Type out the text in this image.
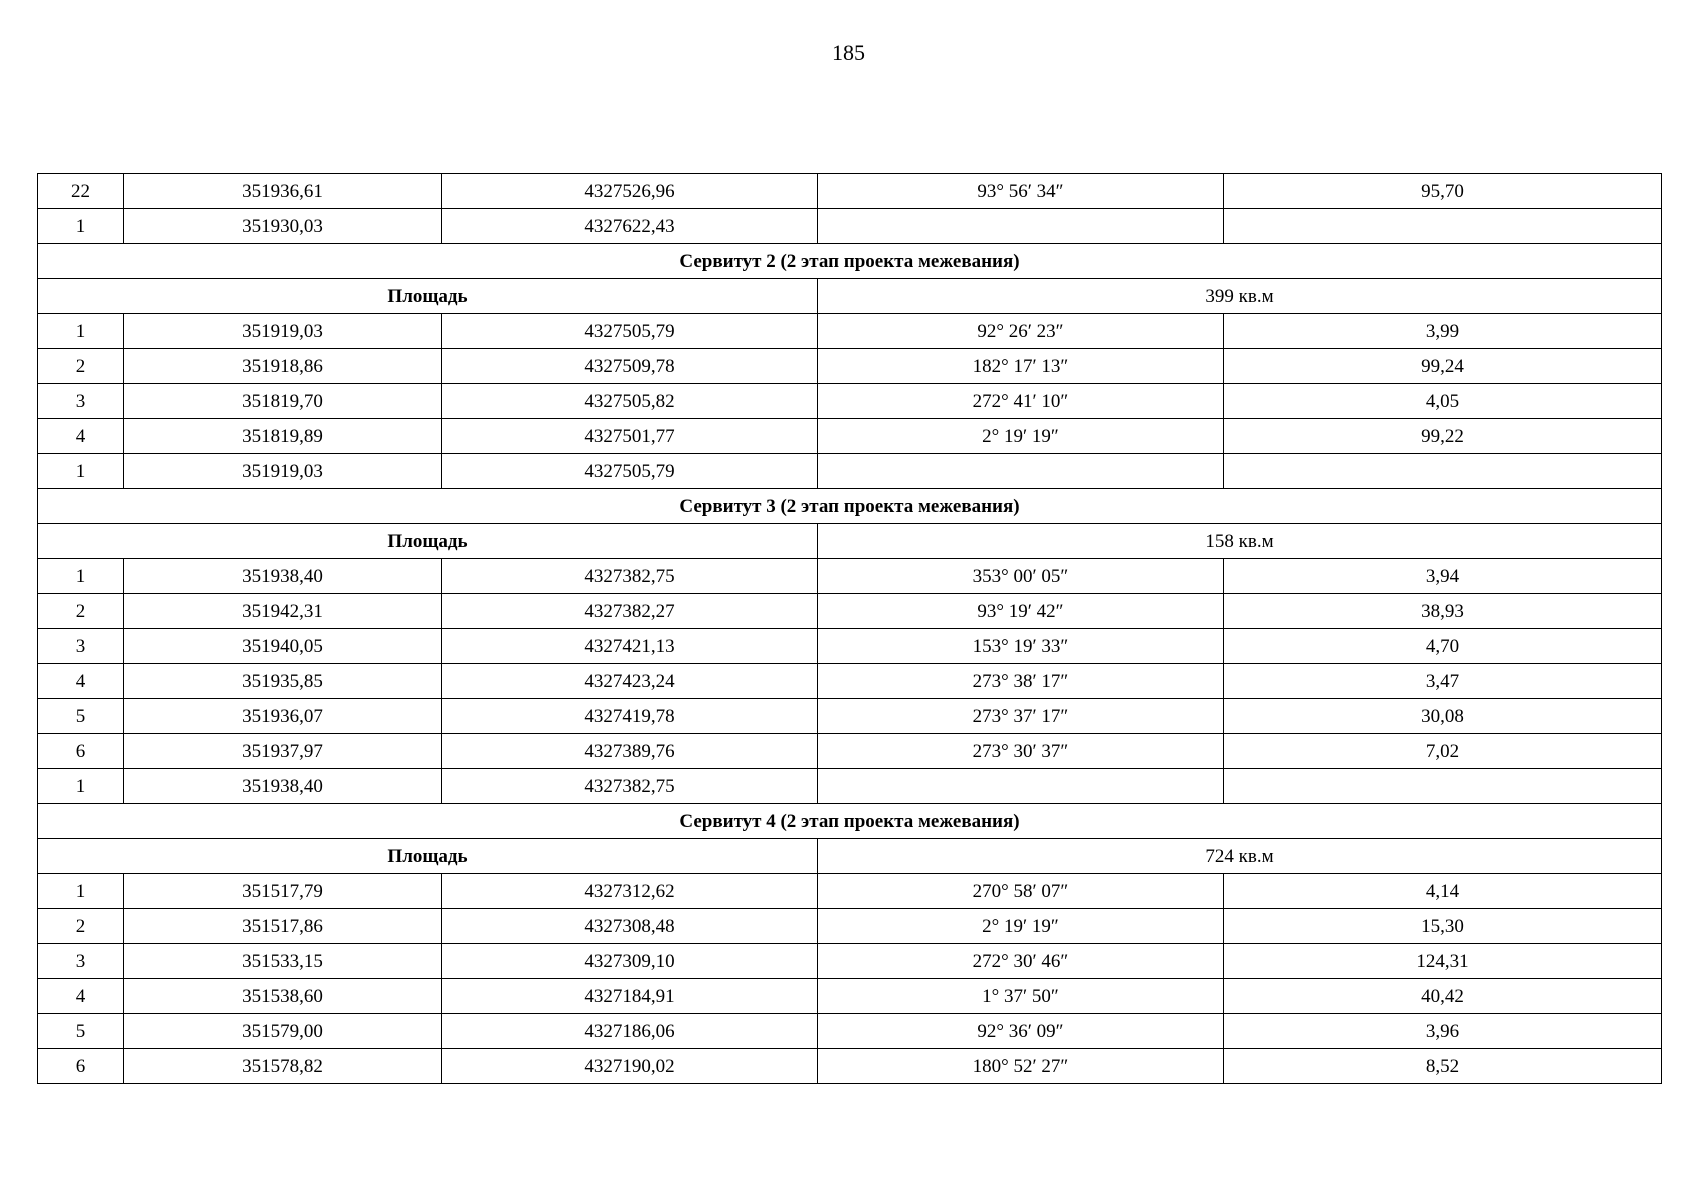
185
22	351936,61	4327526,96	93° 56′ 34″	95,70
1	351930,03	4327622,43		
Сервитут 2 (2 этап проекта межевания)				
Площадь			399 кв.м	
1	351919,03	4327505,79	92° 26′ 23″	3,99
2	351918,86	4327509,78	182° 17′ 13″	99,24
3	351819,70	4327505,82	272° 41′ 10″	4,05
4	351819,89	4327501,77	2° 19′ 19″	99,22
1	351919,03	4327505,79		
Сервитут 3 (2 этап проекта межевания)				
Площадь			158 кв.м	
1	351938,40	4327382,75	353° 00′ 05″	3,94
2	351942,31	4327382,27	93° 19′ 42″	38,93
3	351940,05	4327421,13	153° 19′ 33″	4,70
4	351935,85	4327423,24	273° 38′ 17″	3,47
5	351936,07	4327419,78	273° 37′ 17″	30,08
6	351937,97	4327389,76	273° 30′ 37″	7,02
1	351938,40	4327382,75		
Сервитут 4 (2 этап проекта межевания)				
Площадь			724 кв.м	
1	351517,79	4327312,62	270° 58′ 07″	4,14
2	351517,86	4327308,48	2° 19′ 19″	15,30
3	351533,15	4327309,10	272° 30′ 46″	124,31
4	351538,60	4327184,91	1° 37′ 50″	40,42
5	351579,00	4327186,06	92° 36′ 09″	3,96
6	351578,82	4327190,02	180° 52′ 27″	8,52
